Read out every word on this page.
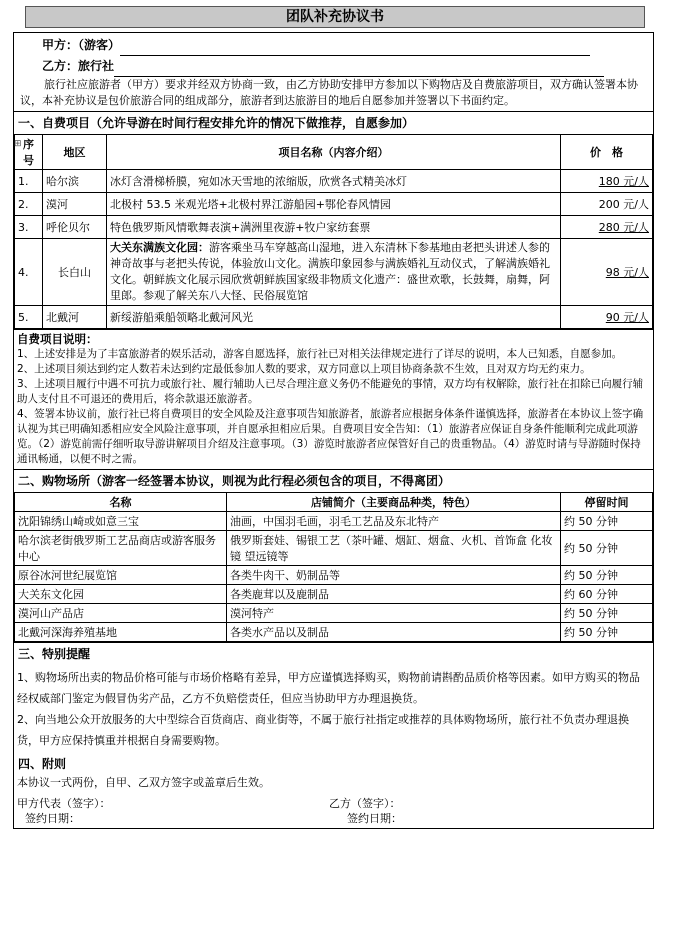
团队补充协议书
甲方：（游客）
乙方：旅行社
旅行社应旅游者（甲方）要求并经双方协商一致，由乙方协助安排甲方参加以下购物店及自费旅游项目，双方确认签署本协议，本补充协议是包价旅游合同的组成部分，旅游者到达旅游目的地后自愿参加并签署以下书面约定。
一、自费项目（允许导游在时间行程安排允许的情况下做推荐，自愿参加）
序号	地区	项目名称（内容介绍）	价　格
1.	哈尔滨	冰灯含滑梯桥膜，宛如冰天雪地的浓缩版，欣赏各式精美冰灯	180 元/人
2.	漠河	北极村 53.5 米观光塔+北极村界江游船园+鄂伦春风情园	200 元/人
3.	呼伦贝尔	特色俄罗斯风情歌舞表演+满洲里夜游+牧户家纺套票	280 元/人
4.	长白山	大关东满族文化园：游客乘坐马车穿越高山湿地，进入东清林下参基地由老把头讲述人参的神奇故事与老把头传说，体验放山文化。满族印象园参与满族婚礼互动仪式，了解满族婚礼文化。朝鲜族文化展示园欣赏朝鲜族国家级非物质文化遗产：盛世欢歌，长鼓舞，扇舞，阿里郎。参观了解关东八大怪、民俗展览馆	98 元/人
5.	北戴河	新绥游船乘船领略北戴河风光	90 元/人
自费项目说明：
1、上述安排是为了丰富旅游者的娱乐活动，游客自愿选择，旅行社已对相关法律规定进行了详尽的说明，本人已知悉，自愿参加。
2、上述项目须达到约定人数若未达到约定最低参加人数的要求，双方同意以上项目协商条款不生效，且对双方均无约束力。
3、上述项目履行中遇不可抗力或旅行社、履行辅助人已尽合理注意义务仍不能避免的事情，双方均有权解除，旅行社在扣除已向履行辅助人支付且不可退还的费用后，将余款退还旅游者。
4、签署本协议前，旅行社已将自费项目的安全风险及注意事项告知旅游者，旅游者应根据身体条件谨慎选择，旅游者在本协议上签字确认视为其已明确知悉相应安全风险注意事项，并自愿承担相应后果。自费项目安全告知：（1）旅游者应保证自身条件能顺利完成此项游览。（2）游览前需仔细听取导游讲解项目介绍及注意事项。（3）游览时旅游者应保管好自己的贵重物品。（4）游览时请与导游随时保持通讯畅通，以便不时之需。
二、购物场所（游客一经签署本协议，则视为此行程必须包含的项目，不得离团）
名称	店铺简介（主要商品种类，特色）	停留时间
沈阳锦绣山崎或如意三宝	油画，中国羽毛画，羽毛工艺品及东北特产	约 50 分钟
哈尔滨老街俄罗斯工艺品商店或游客服务中心	俄罗斯套娃、锡银工艺（茶叶罐、烟缸、烟盒、火机、首饰盒 化妆镜 望远镜等	约 50 分钟
原谷冰河世纪展览馆	各类牛肉干、奶制品等	约 50 分钟
大关东文化园	各类鹿茸以及鹿制品	约 60 分钟
漠河山产品店	漠河特产	约 50 分钟
北戴河深海养殖基地	各类水产品以及制品	约 50 分钟
三、特别提醒
1、购物场所出卖的物品价格可能与市场价格略有差异，甲方应谨慎选择购买，购物前请斟酌品质价格等因素。如甲方购买的物品经权威部门鉴定为假冒伪劣产品，乙方不负赔偿责任，但应当协助甲方办理退换货。
2、向当地公众开放服务的大中型综合百货商店、商业街等，不属于旅行社指定或推荐的具体购物场所，旅行社不负责办理退换货，甲方应保持慎重并根据自身需要购物。
四、附则
本协议一式两份，自甲、乙双方签字或盖章后生效。
甲方代表（签字）：	乙方（签字）：
签约日期：	签约日期：
⊞
